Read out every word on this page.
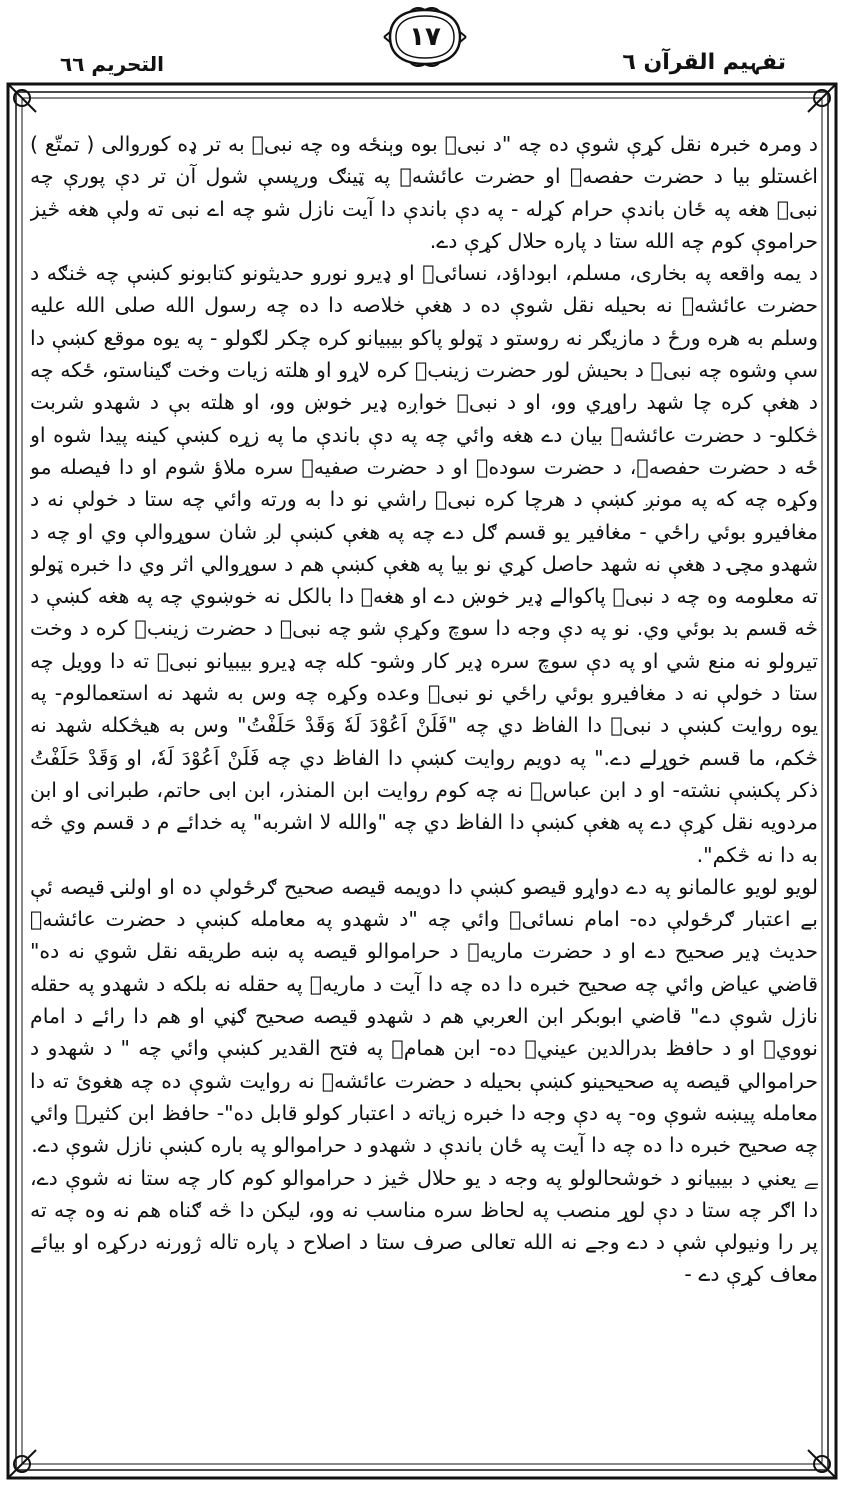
التحریم ٦٦
١٧
تفہیم القرآن ٦

د ومرہ خبرہ نقل کړې شوې ده چه "د نبیؐ بوه وېنځه وه چه نبیؐ به تر ډه کوروالی ( تمتّع ) اغستلو بیا د حضرت حفصهؓ او حضرت عائشهؓ په ټینګ ورپسې شول آن تر دې پورې چه نبیؐ هغه په ځان باندې حرام کړله - په دې باندې دا آیت نازل شو چه اے نبی ته ولې هغه څیز حراموې کوم چه الله ستا د پاره حلال کړې دے.

د یمه واقعه په بخاری، مسلم، ابوداؤد، نسائیؒ او ډیرو نورو حدیثونو کتابونو کښې چه څنګه د حضرت عائشهؓ نه بحیله نقل شوې ده د هغې خلاصه دا ده چه رسول الله صلی الله علیه وسلم به هره ورځ د مازیګر نه روستو د ټولو پاکو بیبیانو کره چکر لګولو - په یوه موقع کښې دا سې وشوه چه نبیؐ د بحیش لور حضرت زینبؓ کره لاړو او هلته زیات وخت ګیناستو، ځکه چه د هغې کره چا شهد راوړي وو، او د نبیؐ خواږه ډیر خوښ وو، او هلته بې د شهدو شربت څکلو- د حضرت عائشهؓ بیان دے هغه وائي چه په دې باندې ما په زړه کښې کینه پیدا شوه او ځه د حضرت حفصهؓ، د حضرت سودهؓ او د حضرت صفیهؓ سره ملاؤ شوم او دا فیصله مو وکړه چه که په مونږ کښې د هرچا کره نبیؐ راشي نو دا به ورته وائي چه ستا د خولې نه د مغافیرو بوئي راځي - مغافیر یو قسم ګل دے چه په هغې کښې لږ شان سوړوالې وي او چه د شهدو مچۍ د هغې نه شهد حاصل کړي نو بیا په هغې کښې هم د سوړوالي اثر وي دا خبره ټولو ته معلومه وه چه د نبیؐ پاکوالے ډیر خوښ دے او هغهؐ دا بالکل نه خوښوي چه په هغه کښې د څه قسم بد بوئي وي. نو په دې وجه دا سوچ وکړې شو چه نبیؐ د حضرت زینبؓ کره د وخت تیرولو نه منع شي او په دې سوچ سره ډیر کار وشو- کله چه ډیرو بیبیانو نبیؐ ته دا وویل چه ستا د خولې نه د مغافیرو بوئي راځي نو نبیؐ وعده وکړه چه وس به شهد نه استعمالوم- په یوه روایت کښې د نبیؐ دا الفاظ دي چه "فَلَنْ اَعُوْدَ لَهٗ وَقَدْ حَلَفْتُ" وس به هیڅکله شهد نه څکم، ما قسم خوړلے دے." په دویم روایت کښې دا الفاظ دي چه فَلَنْ اَعُوْدَ لَهٗ، او وَقَدْ حَلَفْتُ ذکر پکښې نشته- او د ابن عباسؓ نه چه کوم روایت ابن المنذر، ابن ابی حاتم، طبرانی او ابن مردویه نقل کړې دے په هغې کښې دا الفاظ دي چه "والله لا اشربه" په خدائے م د قسم وي څه به دا نه څکم".

لویو لویو عالمانو په دے دواړو قیصو کښې دا دویمه قیصه صحیح ګرځولې ده او اولنۍ قیصه ئې بے اعتبار ګرځولې ده- امام نسائیؒ وائي چه "د شهدو په معامله کښې د حضرت عائشهؓ حدیث ډیر صحیح دے او د حضرت ماریهؓ د حراموالو قیصه په ښه طریقه نقل شوي نه ده" قاضي عیاض وائي چه صحیح خبره دا ده چه دا آیت د ماریهؓ په حقله نه بلکه د شهدو په حقله نازل شوې دے" قاضي ابوبکر ابن العربي هم د شهدو قیصه صحیح ګڼي او هم دا رائے د امام نوويؒ او د حافظ بدرالدین عینيؒ ده- ابن همامؒ په فتح القدیر کښې وائي چه " د شهدو د حراموالي قیصه په صحیحینو کښې بحیله د حضرت عائشهؓ نه روایت شوې ده چه هغوئ ته دا معامله پیښه شوې وه- په دې وجه دا خبره زیاته د اعتبار کولو قابل ده"- حافظ ابن کثیرؒ وائي چه صحیح خبره دا ده چه دا آیت په ځان باندې د شهدو د حراموالو په باره کښې نازل شوې دے.

ﮯ یعني د بیبیانو د خوشحالولو په وجه د یو حلال څیز د حراموالو کوم کار چه ستا نه شوې دے، دا اګر چه ستا د دې لوړ منصب په لحاظ سره مناسب نه وو، لیکن دا څه ګناه هم نه وه چه ته پر را ونیولې شې د دے وجے نه الله تعالی صرف ستا د اصلاح د پاره تاله ژورنه درکړه او بیائے معاف کړې دے -
